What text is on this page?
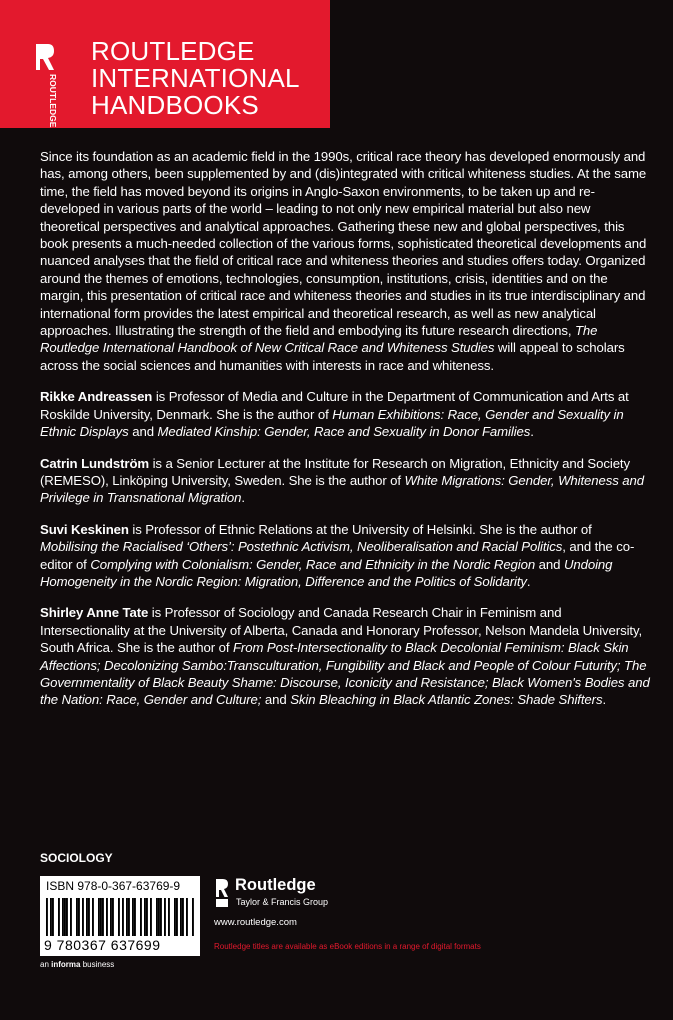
ROUTLEDGE
ROUTLEDGE
INTERNATIONAL
HANDBOOKS

Since its foundation as an academic field in the 1990s, critical race theory has developed enormously and has, among others, been supplemented by and (dis)integrated with critical whiteness studies. At the same time, the field has moved beyond its origins in Anglo-Saxon environments, to be taken up and re-developed in various parts of the world – leading to not only new empirical material but also new theoretical perspectives and analytical approaches. Gathering these new and global perspectives, this book presents a much-needed collection of the various forms, sophisticated theoretical developments and nuanced analyses that the field of critical race and whiteness theories and studies offers today. Organized around the themes of emotions, technologies, consumption, institutions, crisis, identities and on the margin, this presentation of critical race and whiteness theories and studies in its true interdisciplinary and international form provides the latest empirical and theoretical research, as well as new analytical approaches. Illustrating the strength of the field and embodying its future research directions, The Routledge International Handbook of New Critical Race and Whiteness Studies will appeal to scholars across the social sciences and humanities with interests in race and whiteness.

Rikke Andreassen is Professor of Media and Culture in the Department of Communication and Arts at Roskilde University, Denmark. She is the author of Human Exhibitions: Race, Gender and Sexuality in Ethnic Displays and Mediated Kinship: Gender, Race and Sexuality in Donor Families.

Catrin Lundström is a Senior Lecturer at the Institute for Research on Migration, Ethnicity and Society (REMESO), Linköping University, Sweden. She is the author of White Migrations: Gender, Whiteness and Privilege in Transnational Migration.

Suvi Keskinen is Professor of Ethnic Relations at the University of Helsinki. She is the author of Mobilising the Racialised ‘Others’: Postethnic Activism, Neoliberalisation and Racial Politics, and the co-editor of Complying with Colonialism: Gender, Race and Ethnicity in the Nordic Region and Undoing Homogeneity in the Nordic Region: Migration, Difference and the Politics of Solidarity.

Shirley Anne Tate is Professor of Sociology and Canada Research Chair in Feminism and Intersectionality at the University of Alberta, Canada and Honorary Professor, Nelson Mandela University, South Africa. She is the author of From Post-Intersectionality to Black Decolonial Feminism: Black Skin Affections; Decolonizing Sambo:Transculturation, Fungibility and Black and People of Colour Futurity; The Governmentality of Black Beauty Shame: Discourse, Iconicity and Resistance; Black Women's Bodies and the Nation: Race, Gender and Culture; and Skin Bleaching in Black Atlantic Zones: Shade Shifters.

SOCIOLOGY
ISBN 978-0-367-63769-9
9 780367 637699
an informa business
Routledge
Taylor & Francis Group
www.routledge.com
Routledge titles are available as eBook editions in a range of digital formats
